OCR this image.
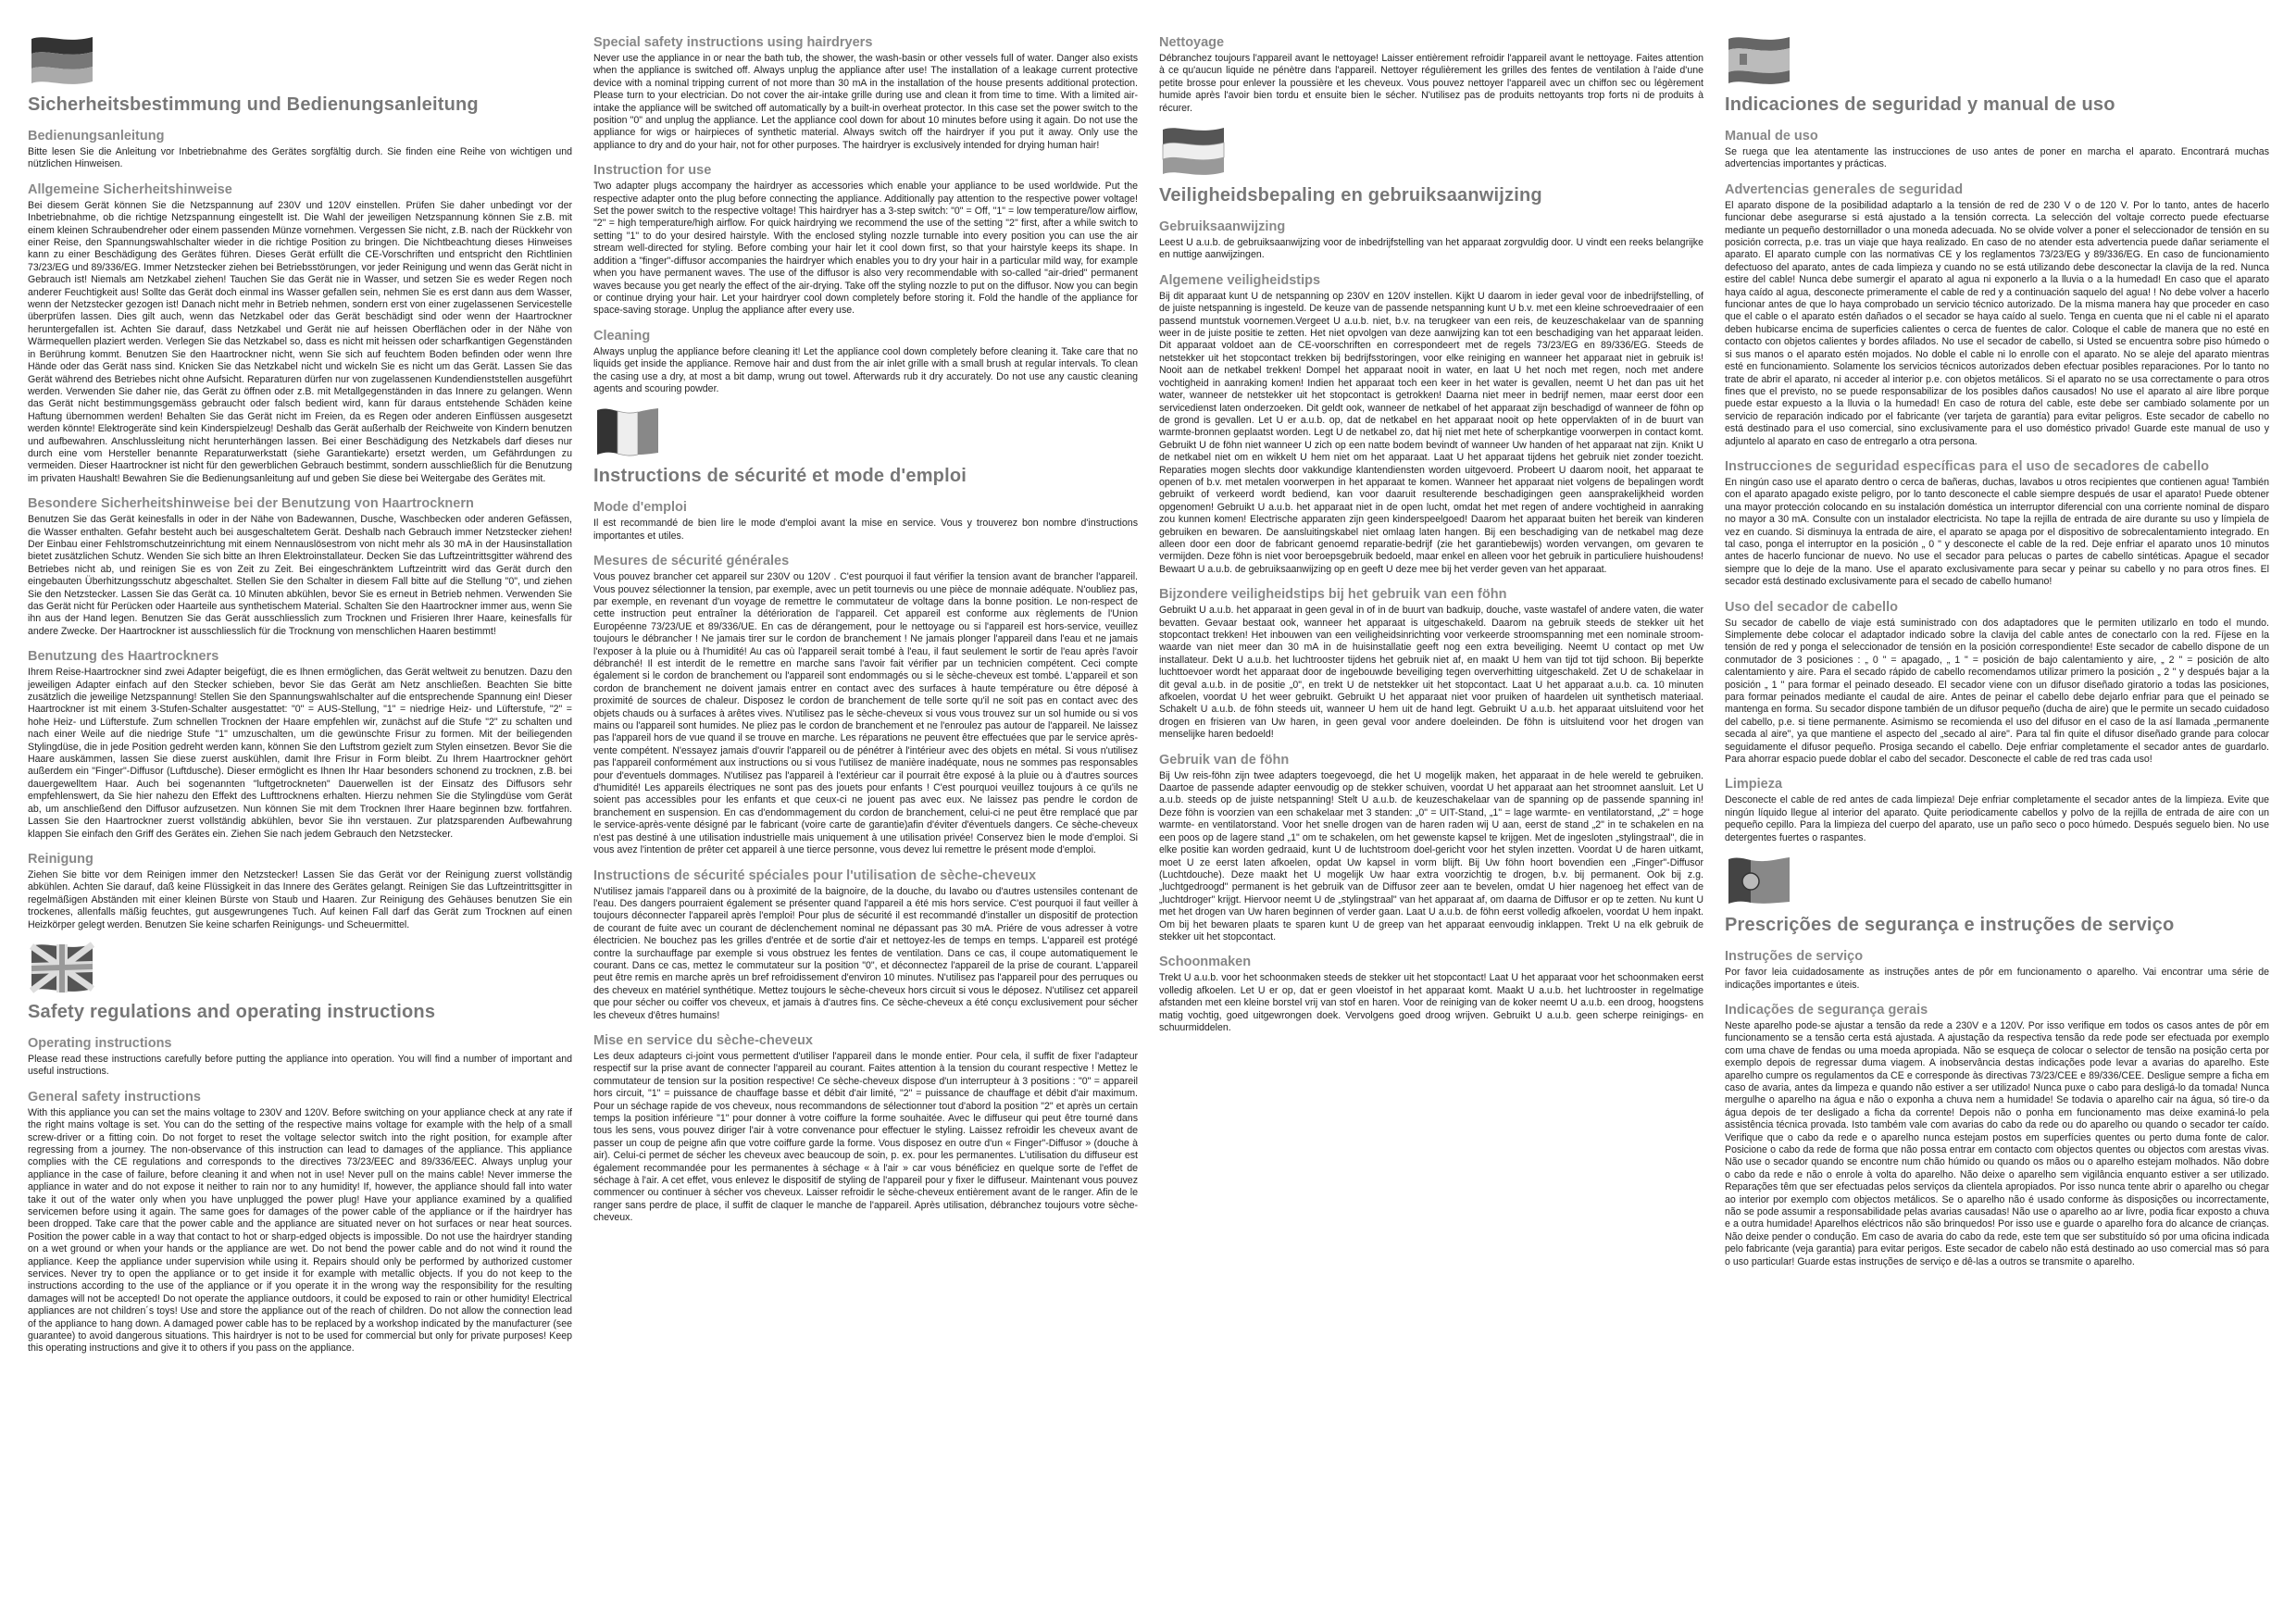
Sicherheitsbestimmung und Bedienungsanleitung
Bedienungsanleitung
Bitte lesen Sie die Anleitung vor Inbetriebnahme des Gerätes sorgfältig durch. Sie finden eine Reihe von wichtigen und nützlichen Hinweisen.
Allgemeine Sicherheitshinweise
Bei diesem Gerät können Sie die Netzspannung auf 230V und 120V einstellen. Prüfen Sie daher unbedingt vor der Inbetriebnahme, ob die richtige Netzspannung eingestellt ist. Die Wahl der jeweiligen Netzspannung können Sie z.B. mit einem kleinen Schraubendreher oder einem passenden Münze vornehmen. Vergessen Sie nicht, z.B. nach der Rückkehr von einer Reise, den Spannungswahlschalter wieder in die richtige Position zu bringen. Die Nichtbeachtung dieses Hinweises kann zu einer Beschädigung des Gerätes führen. Dieses Gerät erfüllt die CE-Vorschriften und entspricht den Richtlinien 73/23/EG und 89/336/EG. Immer Netzstecker ziehen bei Betriebsstörungen, vor jeder Reinigung und wenn das Gerät nicht in Gebrauch ist! Niemals am Netzkabel ziehen! Tauchen Sie das Gerät nie in Wasser, und setzen Sie es weder Regen noch anderer Feuchtigkeit aus! Sollte das Gerät doch einmal ins Wasser gefallen sein, nehmen Sie es erst dann aus dem Wasser, wenn der Netzstecker gezogen ist! Danach nicht mehr in Betrieb nehmen, sondern erst von einer zugelassenen Servicestelle überprüfen lassen. Dies gilt auch, wenn das Netzkabel oder das Gerät beschädigt sind oder wenn der Haartrockner heruntergefallen ist. Achten Sie darauf, dass Netzkabel und Gerät nie auf heissen Oberflächen oder in der Nähe von Wärmequellen plaziert werden. Verlegen Sie das Netzkabel so, dass es nicht mit heissen oder scharfkantigen Gegenständen in Berührung kommt. Benutzen Sie den Haartrockner nicht, wenn Sie sich auf feuchtem Boden befinden oder wenn Ihre Hände oder das Gerät nass sind. Knicken Sie das Netzkabel nicht und wickeln Sie es nicht um das Gerät. Lassen Sie das Gerät während des Betriebes nicht ohne Aufsicht. Reparaturen dürfen nur von zugelassenen Kundendienststellen ausgeführt werden. Verwenden Sie daher nie, das Gerät zu öffnen oder z.B. mit Metallgegenständen in das Innere zu gelangen. Wenn das Gerät nicht bestimmungsgemäss gebraucht oder falsch bedient wird, kann für daraus entstehende Schäden keine Haftung übernommen werden! Behalten Sie das Gerät nicht im Freien, da es Regen oder anderen Einflüssen ausgesetzt werden könnte! Elektrogeräte sind kein Kinderspielzeug! Deshalb das Gerät außerhalb der Reichweite von Kindern benutzen und aufbewahren. Anschlussleitung nicht herunterhängen lassen. Bei einer Beschädigung des Netzkabels darf dieses nur durch eine vom Hersteller benannte Reparaturwerkstatt (siehe Garantiekarte) ersetzt werden, um Gefährdungen zu vermeiden. Dieser Haartrockner ist nicht für den gewerblichen Gebrauch bestimmt, sondern ausschließlich für die Benutzung im privaten Haushalt! Bewahren Sie die Bedienungsanleitung auf und geben Sie diese bei Weitergabe des Gerätes mit.
Besondere Sicherheitshinweise bei der Benutzung von Haartrocknern
Benutzen Sie das Gerät keinesfalls in oder in der Nähe von Badewannen, Dusche, Waschbecken oder anderen Gefässen, die Wasser enthalten. Gefahr besteht auch bei ausgeschaltetem Gerät. Deshalb nach Gebrauch immer Netzstecker ziehen! Der Einbau einer Fehlstromschutzeinrichtung mit einem Nennauslösestrom von nicht mehr als 30 mA in der Hausinstallation bietet zusätzlichen Schutz. Wenden Sie sich bitte an Ihren Elektroinstallateur. Decken Sie das Luftzeintrittsgitter während des Betriebes nicht ab, und reinigen Sie es von Zeit zu Zeit. Bei eingeschränktem Luftzeintritt wird das Gerät durch den eingebauten Überhitzungsschutz abgeschaltet. Stellen Sie den Schalter in diesem Fall bitte auf die Stellung "0", und ziehen Sie den Netzstecker. Lassen Sie das Gerät ca. 10 Minuten abkühlen, bevor Sie es erneut in Betrieb nehmen. Verwenden Sie das Gerät nicht für Perücken oder Haarteile aus synthetischem Material. Schalten Sie den Haartrockner immer aus, wenn Sie ihn aus der Hand legen. Benutzen Sie das Gerät ausschliesslich zum Trocknen und Frisieren Ihrer Haare, keinesfalls für andere Zwecke. Der Haartrockner ist ausschliesslich für die Trocknung von menschlichen Haaren bestimmt!
Benutzung des Haartrockners
Ihrem Reise-Haartrockner sind zwei Adapter beigefügt, die es Ihnen ermöglichen, das Gerät weltweit zu benutzen. Dazu den jeweiligen Adapter einfach auf den Stecker schieben, bevor Sie das Gerät am Netz anschließen. Beachten Sie bitte zusätzlich die jeweilige Netzspannung! Stellen Sie den Spannungswahlschalter auf die entsprechende Spannung ein! Dieser Haartrockner ist mit einem 3-Stufen-Schalter ausgestattet: "0" = AUS-Stellung, "1" = niedrige Heiz- und Lüfterstufe, "2" = hohe Heiz- und Lüfterstufe. Zum schnellen Trocknen der Haare empfehlen wir, zunächst auf die Stufe "2" zu schalten und nach einer Weile auf die niedrige Stufe "1" umzuschalten, um die gewünschte Frisur zu formen. Mit der beiliegenden Stylingdüse, die in jede Position gedreht werden kann, können Sie den Luftstrom gezielt zum Stylen einsetzen. Bevor Sie die Haare auskämmen, lassen Sie diese zuerst auskühlen, damit Ihre Frisur in Form bleibt. Zu Ihrem Haartrockner gehört außerdem ein "Finger"-Diffusor (Luftdusche). Dieser ermöglicht es Ihnen Ihr Haar besonders schonend zu trocknen, z.B. bei dauergewelltem Haar. Auch bei sogenannten "luftgetrockneten" Dauerwellen ist der Einsatz des Diffusors sehr empfehlenswert, da Sie hier nahezu den Effekt des Lufttrocknens erhalten. Hierzu nehmen Sie die Stylingdüse vom Gerät ab, um anschließend den Diffusor aufzusetzen. Nun können Sie mit dem Trocknen Ihrer Haare beginnen bzw. fortfahren. Lassen Sie den Haartrockner zuerst vollständig abkühlen, bevor Sie ihn verstauen. Zur platzsparenden Aufbewahrung klappen Sie einfach den Griff des Gerätes ein. Ziehen Sie nach jedem Gebrauch den Netzstecker.
Reinigung
Ziehen Sie bitte vor dem Reinigen immer den Netzstecker! Lassen Sie das Gerät vor der Reinigung zuerst vollständig abkühlen. Achten Sie darauf, daß keine Flüssigkeit in das Innere des Gerätes gelangt. Reinigen Sie das Luftzeintrittsgitter in regelmäßigen Abständen mit einer kleinen Bürste von Staub und Haaren. Zur Reinigung des Gehäuses benutzen Sie ein trockenes, allenfalls mäßig feuchtes, gut ausgewrungenes Tuch. Auf keinen Fall darf das Gerät zum Trocknen auf einen Heizkörper gelegt werden. Benutzen Sie keine scharfen Reinigungs- und Scheuermittel.
Safety regulations and operating instructions
Operating instructions
Please read these instructions carefully before putting the appliance into operation. You will find a number of important and useful instructions.
General safety instructions
With this appliance you can set the mains voltage to 230V and 120V. Before switching on your appliance check at any rate if the right mains voltage is set. You can do the setting of the respective mains voltage for example with the help of a small screw-driver or a fitting coin. Do not forget to reset the voltage selector switch into the right position, for example after regressing from a journey. The non-observance of this instruction can lead to damages of the appliance. This appliance complies with the CE regulations and corresponds to the directives 73/23/EEC and 89/336/EEC. Always unplug your appliance in the case of failure, before cleaning it and when not in use! Never pull on the mains cable! Never immerse the appliance in water and do not expose it neither to rain nor to any humidity! If, however, the appliance should fall into water take it out of the water only when you have unplugged the power plug! Have your appliance examined by a qualified servicemen before using it again. The same goes for damages of the power cable of the appliance or if the hairdryer has been dropped. Take care that the power cable and the appliance are situated never on hot surfaces or near heat sources. Position the power cable in a way that contact to hot or sharp-edged objects is impossible. Do not use the hairdryer standing on a wet ground or when your hands or the appliance are wet. Do not bend the power cable and do not wind it round the appliance. Keep the appliance under supervision while using it. Repairs should only be performed by authorized customer services. Never try to open the appliance or to get inside it for example with metallic objects. If you do not keep to the instructions according to the use of the appliance or if you operate it in the wrong way the responsibility for the resulting damages will not be accepted! Do not operate the appliance outdoors, it could be exposed to rain or other humidity! Electrical appliances are not children´s toys! Use and store the appliance out of the reach of children. Do not allow the connection lead of the appliance to hang down. A damaged power cable has to be replaced by a workshop indicated by the manufacturer (see guarantee) to avoid dangerous situations. This hairdryer is not to be used for commercial but only for private purposes! Keep this operating instructions and give it to others if you pass on the appliance.
Special safety instructions using hairdryers
Never use the appliance in or near the bath tub, the shower, the wash-basin or other vessels full of water. Danger also exists when the appliance is switched off. Always unplug the appliance after use! The installation of a leakage current protective device with a nominal tripping current of not more than 30 mA in the installation of the house presents additional protection. Please turn to your electrician. Do not cover the air-intake grille during use and clean it from time to time. With a limited air-intake the appliance will be switched off automatically by a built-in overheat protector. In this case set the power switch to the position "0" and unplug the appliance. Let the appliance cool down for about 10 minutes before using it again. Do not use the appliance for wigs or hairpieces of synthetic material. Always switch off the hairdryer if you put it away. Only use the appliance to dry and do your hair, not for other purposes. The hairdryer is exclusively intended for drying human hair!
Instruction for use
Two adapter plugs accompany the hairdryer as accessories which enable your appliance to be used worldwide. Put the respective adapter onto the plug before connecting the appliance. Additionally pay attention to the respective power voltage! Set the power switch to the respective voltage! This hairdryer has a 3-step switch: "0" = Off, "1" = low temperature/low airflow, "2" = high temperature/high airflow. For quick hairdrying we recommend the use of the setting "2" first, after a while switch to setting "1" to do your desired hairstyle. With the enclosed styling nozzle turnable into every position you can use the air stream well-directed for styling. Before combing your hair let it cool down first, so that your hairstyle keeps its shape. In addition a "finger"-diffusor accompanies the hairdryer which enables you to dry your hair in a particular mild way, for example when you have permanent waves. The use of the diffusor is also very recommendable with so-called "air-dried" permanent waves because you get nearly the effect of the air-drying. Take off the styling nozzle to put on the diffusor. Now you can begin or continue drying your hair. Let your hairdryer cool down completely before storing it. Fold the handle of the appliance for space-saving storage. Unplug the appliance after every use.
Cleaning
Always unplug the appliance before cleaning it! Let the appliance cool down completely before cleaning it. Take care that no liquids get inside the appliance. Remove hair and dust from the air inlet grille with a small brush at regular intervals. To clean the casing use a dry, at most a bit damp, wrung out towel. Afterwards rub it dry accurately. Do not use any caustic cleaning agents and scouring powder.
Instructions de sécurité et mode d'emploi
Mode d'emploi
Il est recommandé de bien lire le mode d'emploi avant la mise en service. Vous y trouverez bon nombre d'instructions importantes et utiles.
Mesures de sécurité générales
Vous pouvez brancher cet appareil sur 230V ou 120V . C'est pourquoi il faut vérifier la tension avant de brancher l'appareil. Vous pouvez sélectionner la tension, par exemple, avec un petit tournevis ou une pièce de monnaie adéquate. N'oubliez pas, par exemple, en revenant d'un voyage de remettre le commutateur de voltage dans la bonne position. Le non-respect de cette instruction peut entraîner la détérioration de l'appareil. Cet appareil est conforme aux règlements de l'Union Européenne 73/23/UE et 89/336/UE. En cas de dérangement, pour le nettoyage ou si l'appareil est hors-service, veuillez toujours le débrancher ! Ne jamais tirer sur le cordon de branchement ! Ne jamais plonger l'appareil dans l'eau et ne jamais l'exposer à la pluie ou à l'humidité! Au cas où l'appareil serait tombé à l'eau, il faut seulement le sortir de l'eau après l'avoir débranché! Il est interdit de le remettre en marche sans l'avoir fait vérifier par un technicien compétent. Ceci compte également si le cordon de branchement ou l'appareil sont endommagés ou si le sèche-cheveux est tombé. L'appareil et son cordon de branchement ne doivent jamais entrer en contact avec des surfaces à haute température ou être déposé à proximité de sources de chaleur. Disposez le cordon de branchement de telle sorte qu'il ne soit pas en contact avec des objets chauds ou à surfaces à arêtes vives. N'utilisez pas le sèche-cheveux si vous vous trouvez sur un sol humide ou si vos mains ou l'appareil sont humides. Ne pliez pas le cordon de branchement et ne l'enroulez pas autour de l'appareil. Ne laissez pas l'appareil hors de vue quand il se trouve en marche. Les réparations ne peuvent être effectuées que par le service après-vente compétent. N'essayez jamais d'ouvrir l'appareil ou de pénétrer à l'intérieur avec des objets en métal. Si vous n'utilisez pas l'appareil conformément aux instructions ou si vous l'utilisez de manière inadéquate, nous ne sommes pas responsables pour d'eventuels dommages. N'utilisez pas l'appareil à l'extérieur car il pourrait être exposé à la pluie ou à d'autres sources d'humidité! Les appareils électriques ne sont pas des jouets pour enfants ! C'est pourquoi veuillez toujours à ce qu'ils ne soient pas accessibles pour les enfants et que ceux-ci ne jouent pas avec eux. Ne laissez pas pendre le cordon de branchement en suspension. En cas d'endommagement du cordon de branchement, celui-ci ne peut être remplacé que par le service-après-vente désigné par le fabricant (voire carte de garantie)afin d'éviter d'éventuels dangers. Ce sèche-cheveux n'est pas destiné à une utilisation industrielle mais uniquement à une utilisation privée! Conservez bien le mode d'emploi. Si vous avez l'intention de prêter cet appareil à une tierce personne, vous devez lui remettre le présent mode d'emploi.
Instructions de sécurité spéciales pour l'utilisation de sèche-cheveux
N'utilisez jamais l'appareil dans ou à proximité de la baignoire, de la douche, du lavabo ou d'autres ustensiles contenant de l'eau. Des dangers pourraient également se présenter quand l'appareil a été mis hors service. C'est pourquoi il faut veiller à toujours déconnecter l'appareil après l'emploi! Pour plus de sécurité il est recommandé d'installer un dispositif de protection de courant de fuite avec un courant de déclenchement nominal ne dépassant pas 30 mA. Priére de vous adresser à votre électricien. Ne bouchez pas les grilles d'entrée et de sortie d'air et nettoyez-les de temps en temps. L'appareil est protégé contre la surchauffage par exemple si vous obstruez les fentes de ventilation. Dans ce cas, il coupe automatiquement le courant. Dans ce cas, mettez le commutateur sur la position "0", et déconnectez l'appareil de la prise de courant. L'appareil peut être remis en marche après un bref refroidissement d'environ 10 minutes. N'utilisez pas l'appareil pour des perruques ou des cheveux en matériel synthétique. Mettez toujours le sèche-cheveux hors circuit si vous le déposez. N'utilisez cet appareil que pour sécher ou coiffer vos cheveux, et jamais à d'autres fins. Ce sèche-cheveux a été conçu exclusivement pour sécher les cheveux d'êtres humains!
Mise en service du sèche-cheveux
Les deux adapteurs ci-joint vous permettent d'utiliser l'appareil dans le monde entier. Pour cela, il suffit de fixer l'adapteur respectif sur la prise avant de connecter l'appareil au courant. Faites attention à la tension du courant respective ! Mettez le commutateur de tension sur la position respective! Ce sèche-cheveux dispose d'un interrupteur à 3 positions : "0" = appareil hors circuit, "1" = puissance de chauffage basse et débit d'air limité, "2" = puissance de chauffage et débit d'air maximum. Pour un séchage rapide de vos cheveux, nous recommandons de sélectionner tout d'abord la position "2" et après un certain temps la position inférieure "1" pour donner à votre coiffure la forme souhaitée. Avec le diffuseur qui peut être tourné dans tous les sens, vous pouvez diriger l'air à votre convenance pour effectuer le styling. Laissez refroidir les cheveux avant de passer un coup de peigne afin que votre coiffure garde la forme. Vous disposez en outre d'un « Finger"-Diffusor » (douche à air). Celui-ci permet de sécher les cheveux avec beaucoup de soin, p. ex. pour les permanentes. L'utilisation du diffuseur est également recommandée pour les permanentes à séchage « à l'air » car vous bénéficiez en quelque sorte de l'effet de séchage à l'air. A cet effet, vous enlevez le dispositif de styling de l'appareil pour y fixer le diffuseur. Maintenant vous pouvez commencer ou continuer à sécher vos cheveux. Laisser refroidir le sèche-cheveux entièrement avant de le ranger. Afin de le ranger sans perdre de place, il suffit de claquer le manche de l'appareil. Après utilisation, débranchez toujours votre sèche-cheveux.
Nettoyage
Débranchez toujours l'appareil avant le nettoyage! Laisser entièrement refroidir l'appareil avant le nettoyage. Faites attention à ce qu'aucun liquide ne pénètre dans l'appareil. Nettoyer régulièrement les grilles des fentes de ventilation à l'aide d'une petite brosse pour enlever la poussière et les cheveux. Vous pouvez nettoyer l'appareil avec un chiffon sec ou légèrement humide après l'avoir bien tordu et ensuite bien le sécher. N'utilisez pas de produits nettoyants trop forts ni de produits à récurer.
Veiligheidsbepaling en gebruiksaanwijzing
Gebruiksaanwijzing
Leest U a.u.b. de gebruiksaanwijzing voor de inbedrijfstelling van het apparaat zorgvuldig door. U vindt een reeks belangrijke en nuttige aanwijzingen.
Algemene veiligheidstips
Bij dit apparaat kunt U de netspanning op 230V en 120V instellen. Kijkt U daarom in ieder geval voor de inbedrijfstelling, of de juiste netspanning is ingesteld. De keuze van de passende netspanning kunt U b.v. met een kleine schroevedraaier of een passend muntstuk voornemen.Vergeet U a.u.b. niet, b.v. na terugkeer van een reis, de keuzeschakelaar van de spanning weer in de juiste positie te zetten. Het niet opvolgen van deze aanwijzing kan tot een beschadiging van het apparaat leiden. Dit apparaat voldoet aan de CE-voorschriften en correspondeert met de regels 73/23/EG en 89/336/EG. Steeds de netstekker uit het stopcontact trekken bij bedrijfsstoringen, voor elke reiniging en wanneer het apparaat niet in gebruik is! Nooit aan de netkabel trekken! Dompel het apparaat nooit in water, en laat U het noch met regen, noch met andere vochtigheid in aanraking komen! Indien het apparaat toch een keer in het water is gevallen, neemt U het dan pas uit het water, wanneer de netstekker uit het stopcontact is getrokken! Daarna niet meer in bedrijf nemen, maar eerst door een servicedienst laten onderzoeken. Dit geldt ook, wanneer de netkabel of het apparaat zijn beschadigd of wanneer de föhn op de grond is gevallen. Let U er a.u.b. op, dat de netkabel en het apparaat nooit op hete oppervlakten of in de buurt van warmte-bronnen geplaatst worden. Legt U de netkabel zo, dat hij niet met hete of scherpkantige voorwerpen in contact komt. Gebruikt U de föhn niet wanneer U zich op een natte bodem bevindt of wanneer Uw handen of het apparaat nat zijn. Knikt U de netkabel niet om en wikkelt U hem niet om het apparaat. Laat U het apparaat tijdens het gebruik niet zonder toezicht. Reparaties mogen slechts door vakkundige klantendiensten worden uitgevoerd. Probeert U daarom nooit, het apparaat te openen of b.v. met metalen voorwerpen in het apparaat te komen. Wanneer het apparaat niet volgens de bepalingen wordt gebruikt of verkeerd wordt bediend, kan voor daaruit resulterende beschadigingen geen aansprakelijkheid worden opgenomen! Gebruikt U a.u.b. het apparaat niet in de open lucht, omdat het met regen of andere vochtigheid in aanraking zou kunnen komen! Electrische apparaten zijn geen kinderspeelgoed! Daarom het apparaat buiten het bereik van kinderen gebruiken en bewaren. De aansluitingskabel niet omlaag laten hangen. Bij een beschadiging van de netkabel mag deze alleen door een door de fabricant genoemd reparatie-bedrijf (zie het garantiebewijs) worden vervangen, om gevaren te vermijden. Deze föhn is niet voor beroepsgebruik bedoeld, maar enkel en alleen voor het gebruik in particuliere huishoudens! Bewaart U a.u.b. de gebruiksaanwijzing op en geeft U deze mee bij het verder geven van het apparaat.
Bijzondere veiligheidstips bij het gebruik van een föhn
Gebruikt U a.u.b. het apparaat in geen geval in of in de buurt van badkuip, douche, vaste wastafel of andere vaten, die water bevatten. Gevaar bestaat ook, wanneer het apparaat is uitgeschakeld. Daarom na gebruik steeds de stekker uit het stopcontact trekken! Het inbouwen van een veiligheidsinrichting voor verkeerde stroomspanning met een nominale stroom- waarde van niet meer dan 30 mA in de huisinstallatie geeft nog een extra beveiliging. Neemt U contact op met Uw installateur. Dekt U a.u.b. het luchtrooster tijdens het gebruik niet af, en maakt U hem van tijd tot tijd schoon. Bij beperkte luchttoevoer wordt het apparaat door de ingebouwde beveiliging tegen oververhitting uitgeschakeld. Zet U de schakelaar in dit geval a.u.b. in de positie „0", en trekt U de netstekker uit het stopcontact. Laat U het apparaat a.u.b. ca. 10 minuten afkoelen, voordat U het weer gebruikt. Gebruikt U het apparaat niet voor pruiken of haardelen uit synthetisch materiaal. Schakelt U a.u.b. de föhn steeds uit, wanneer U hem uit de hand legt. Gebruikt U a.u.b. het apparaat uitsluitend voor het drogen en frisieren van Uw haren, in geen geval voor andere doeleinden. De föhn is uitsluitend voor het drogen van menselijke haren bedoeld!
Gebruik van de föhn
Bij Uw reis-föhn zijn twee adapters toegevoegd, die het U mogelijk maken, het apparaat in de hele wereld te gebruiken. Daartoe de passende adapter eenvoudig op de stekker schuiven, voordat U het apparaat aan het stroomnet aansluit. Let U a.u.b. steeds op de juiste netspanning! Stelt U a.u.b. de keuzeschakelaar van de spanning op de passende spanning in! Deze föhn is voorzien van een schakelaar met 3 standen: „0" = UIT-Stand, „1" = lage warmte- en ventilatorstand, „2" = hoge warmte- en ventilatorstand. Voor het snelle drogen van de haren raden wij U aan, eerst de stand „2" in te schakelen en na een poos op de lagere stand „1" om te schakelen, om het gewenste kapsel te krijgen. Met de ingesloten „stylingstraal", die in elke positie kan worden gedraaid, kunt U de luchtstroom doel-gericht voor het stylen inzetten. Voordat U de haren uitkamt, moet U ze eerst laten afkoelen, opdat Uw kapsel in vorm blijft. Bij Uw föhn hoort bovendien een „Finger"-Diffusor (Luchtdouche). Deze maakt het U mogelijk Uw haar extra voorzichtig te drogen, b.v. bij permanent. Ook bij z.g. „luchtgedroogd" permanent is het gebruik van de Diffusor zeer aan te bevelen, omdat U hier nagenoeg het effect van de „luchtdroger" krijgt. Hiervoor neemt U de „stylingstraal" van het apparaat af, om daarna de Diffusor er op te zetten. Nu kunt U met het drogen van Uw haren beginnen of verder gaan. Laat U a.u.b. de föhn eerst volledig afkoelen, voordat U hem inpakt. Om bij het bewaren plaats te sparen kunt U de greep van het apparaat eenvoudig inklappen. Trekt U na elk gebruik de stekker uit het stopcontact.
Schoonmaken
Trekt U a.u.b. voor het schoonmaken steeds de stekker uit het stopcontact! Laat U het apparaat voor het schoonmaken eerst volledig afkoelen. Let U er op, dat er geen vloeistof in het apparaat komt. Maakt U a.u.b. het luchtrooster in regelmatige afstanden met een kleine borstel vrij van stof en haren. Voor de reiniging van de koker neemt U a.u.b. een droog, hoogstens matig vochtig, goed uitgewrongen doek. Vervolgens goed droog wrijven. Gebruikt U a.u.b. geen scherpe reinigings- en schuurmiddelen.
Indicaciones de seguridad y manual de uso
Manual de uso
Se ruega que lea atentamente las instrucciones de uso antes de poner en marcha el aparato. Encontrará muchas advertencias importantes y prácticas.
Advertencias generales de seguridad
El aparato dispone de la posibilidad adaptarlo a la tensión de red de 230 V o de 120 V. Por lo tanto, antes de hacerlo funcionar debe asegurarse si está ajustado a la tensión correcta. La selección del voltaje correcto puede efectuarse mediante un pequeño destornillador o una moneda adecuada. No se olvide volver a poner el seleccionador de tensión en su posición correcta, p.e. tras un viaje que haya realizado. En caso de no atender esta advertencia puede dañar seriamente el aparato. El aparato cumple con las normativas CE y los reglamentos 73/23/EG y 89/336/EG. En caso de funcionamiento defectuoso del aparato, antes de cada limpieza y cuando no se está utilizando debe desconectar la clavija de la red. Nunca estire del cable! Nunca debe sumergir el aparato al agua ni exponerlo a la lluvia o a la humedad! En caso que el aparato haya caído al agua, desconecte primeramente el cable de red y a continuación saquelo del agua! ! No debe volver a hacerlo funcionar antes de que lo haya comprobado un servicio técnico autorizado. De la misma manera hay que proceder en caso que el cable o el aparato estén dañados o el secador se haya caído al suelo. Tenga en cuenta que ni el cable ni el aparato deben hubicarse encima de superficies calientes o cerca de fuentes de calor. Coloque el cable de manera que no esté en contacto con objetos calientes y bordes afilados. No use el secador de cabello, si Usted se encuentra sobre piso húmedo o si sus manos o el aparato estén mojados. No doble el cable ni lo enrolle con el aparato. No se aleje del aparato mientras esté en funcionamiento. Solamente los servicios técnicos autorizados deben efectuar posibles reparaciones. Por lo tanto no trate de abrir el aparato, ni acceder al interior p.e. con objetos metálicos. Si el aparato no se usa correctamente o para otros fines que el previsto, no se puede responsabilizar de los posibles daños causados! No use el aparato al aire libre porque puede estar expuesto a la lluvia o la humedad! En caso de rotura del cable, este debe ser cambiado solamente por un servicio de reparación indicado por el fabricante (ver tarjeta de garantía) para evitar peligros. Este secador de cabello no está destinado para el uso comercial, sino exclusivamente para el uso doméstico privado! Guarde este manual de uso y adjuntelo al aparato en caso de entregarlo a otra persona.
Instrucciones de seguridad específicas para el uso de secadores de cabello
En ningún caso use el aparato dentro o cerca de bañeras, duchas, lavabos u otros recipientes que contienen agua! También con el aparato apagado existe peligro, por lo tanto desconecte el cable siempre después de usar el aparato! Puede obtener una mayor protección colocando en su instalación doméstica un interruptor diferencial con una corriente nominal de disparo no mayor a 30 mA. Consulte con un instalador electricista. No tape la rejilla de entrada de aire durante su uso y límpiela de vez en cuando. Si disminuya la entrada de aire, el aparato se apaga por el dispositivo de sobrecalentamiento integrado. En tal caso, ponga el interruptor en la posición „ 0 " y desconecte el cable de la red. Deje enfriar el aparato unos 10 minutos antes de hacerlo funcionar de nuevo. No use el secador para pelucas o partes de cabello sintéticas. Apague el secador siempre que lo deje de la mano. Use el aparato exclusivamente para secar y peinar su cabello y no para otros fines. El secador está destinado exclusivamente para el secado de cabello humano!
Uso del secador de cabello
Su secador de cabello de viaje está suministrado con dos adaptadores que le permiten utilizarlo en todo el mundo. Simplemente debe colocar el adaptador indicado sobre la clavija del cable antes de conectarlo con la red. Fíjese en la tensión de red y ponga el seleccionador de tensión en la posición correspondiente! Este secador de cabello dispone de un conmutador de 3 posiciones : „ 0 " = apagado, „ 1 " = posición de bajo calentamiento y aire, „ 2 " = posición de alto calentamiento y aire. Para el secado rápido de cabello recomendamos utilizar primero la posición „ 2 " y después bajar a la posición „ 1 " para formar el peinado deseado. El secador viene con un difusor diseñado giratorio a todas las posiciones, para formar peinados mediante el caudal de aire. Antes de peinar el cabello debe dejarlo enfriar para que el peinado se mantenga en forma. Su secador dispone también de un difusor pequeño (ducha de aire) que le permite un secado cuidadoso del cabello, p.e. si tiene permanente. Asimismo se recomienda el uso del difusor en el caso de la así llamada „permanente secada al aire", ya que mantiene el aspecto del „secado al aire". Para tal fin quite el difusor diseñado grande para colocar seguidamente el difusor pequeño. Prosiga secando el cabello. Deje enfriar completamente el secador antes de guardarlo. Para ahorrar espacio puede doblar el cabo del secador. Desconecte el cable de red tras cada uso!
Limpieza
Desconecte el cable de red antes de cada limpieza! Deje enfriar completamente el secador antes de la limpieza. Evite que ningún líquido llegue al interior del aparato. Quite periodicamente cabellos y polvo de la rejilla de entrada de aire con un pequeño cepillo. Para la limpieza del cuerpo del aparato, use un paño seco o poco húmedo. Después seguelo bien. No use detergentes fuertes o raspantes.
Prescrições de segurança e instruções de serviço
Instruções de serviço
Por favor leia cuidadosamente as instruções antes de pôr em funcionamento o aparelho. Vai encontrar uma série de indicações importantes e úteis.
Indicações de segurança gerais
Neste aparelho pode-se ajustar a tensão da rede a 230V e a 120V. Por isso verifique em todos os casos antes de pôr em funcionamento se a tensão certa está ajustada. A ajustação da respectiva tensão da rede pode ser efectuada por exemplo com uma chave de fendas ou uma moeda apropiada. Não se esqueça de colocar o selector de tensão na posição certa por exemplo depois de regressar duma viagem. A inobservância destas indicações pode levar a avarias do aparelho. Este aparelho cumpre os regulamentos da CE e corresponde às directivas 73/23/CEE e 89/336/CEE. Desligue sempre a ficha em caso de avaria, antes da limpeza e quando não estiver a ser utilizado! Nunca puxe o cabo para desligá-lo da tomada! Nunca mergulhe o aparelho na água e não o exponha a chuva nem a humidade! Se todavia o aparelho cair na água, só tire-o da água depois de ter desligado a ficha da corrente! Depois não o ponha em funcionamento mas deixe examiná-lo pela assistência técnica provada. Isto também vale com avarias do cabo da rede ou do aparelho ou quando o secador ter caído. Verifique que o cabo da rede e o aparelho nunca estejam postos em superfícies quentes ou perto duma fonte de calor. Posicione o cabo da rede de forma que não possa entrar em contacto com objectos quentes ou objectos com arestas vivas. Não use o secador quando se encontre num chão húmido ou quando os mãos ou o aparelho estejam molhados. Não dobre o cabo da rede e não o enrole à volta do aparelho. Não deixe o aparelho sem vigilância enquanto estiver a ser utilizado. Reparações têm que ser efectuadas pelos serviços da clientela apropiados. Por isso nunca tente abrir o aparelho ou chegar ao interior por exemplo com objectos metálicos. Se o aparelho não é usado conforme às disposições ou incorrectamente, não se pode assumir a responsabilidade pelas avarias causadas! Não use o aparelho ao ar livre, podia ficar exposto a chuva e a outra humidade! Aparelhos eléctricos não são brinquedos! Por isso use e guarde o aparelho fora do alcance de crianças. Não deixe pender o condução. Em caso de avaria do cabo da rede, este tem que ser substituído só por uma oficina indicada pelo fabricante (veja garantia) para evitar perigos. Este secador de cabelo não está destinado ao uso comercial mas só para o uso particular! Guarde estas instruções de serviço e dê-las a outros se transmite o aparelho.
